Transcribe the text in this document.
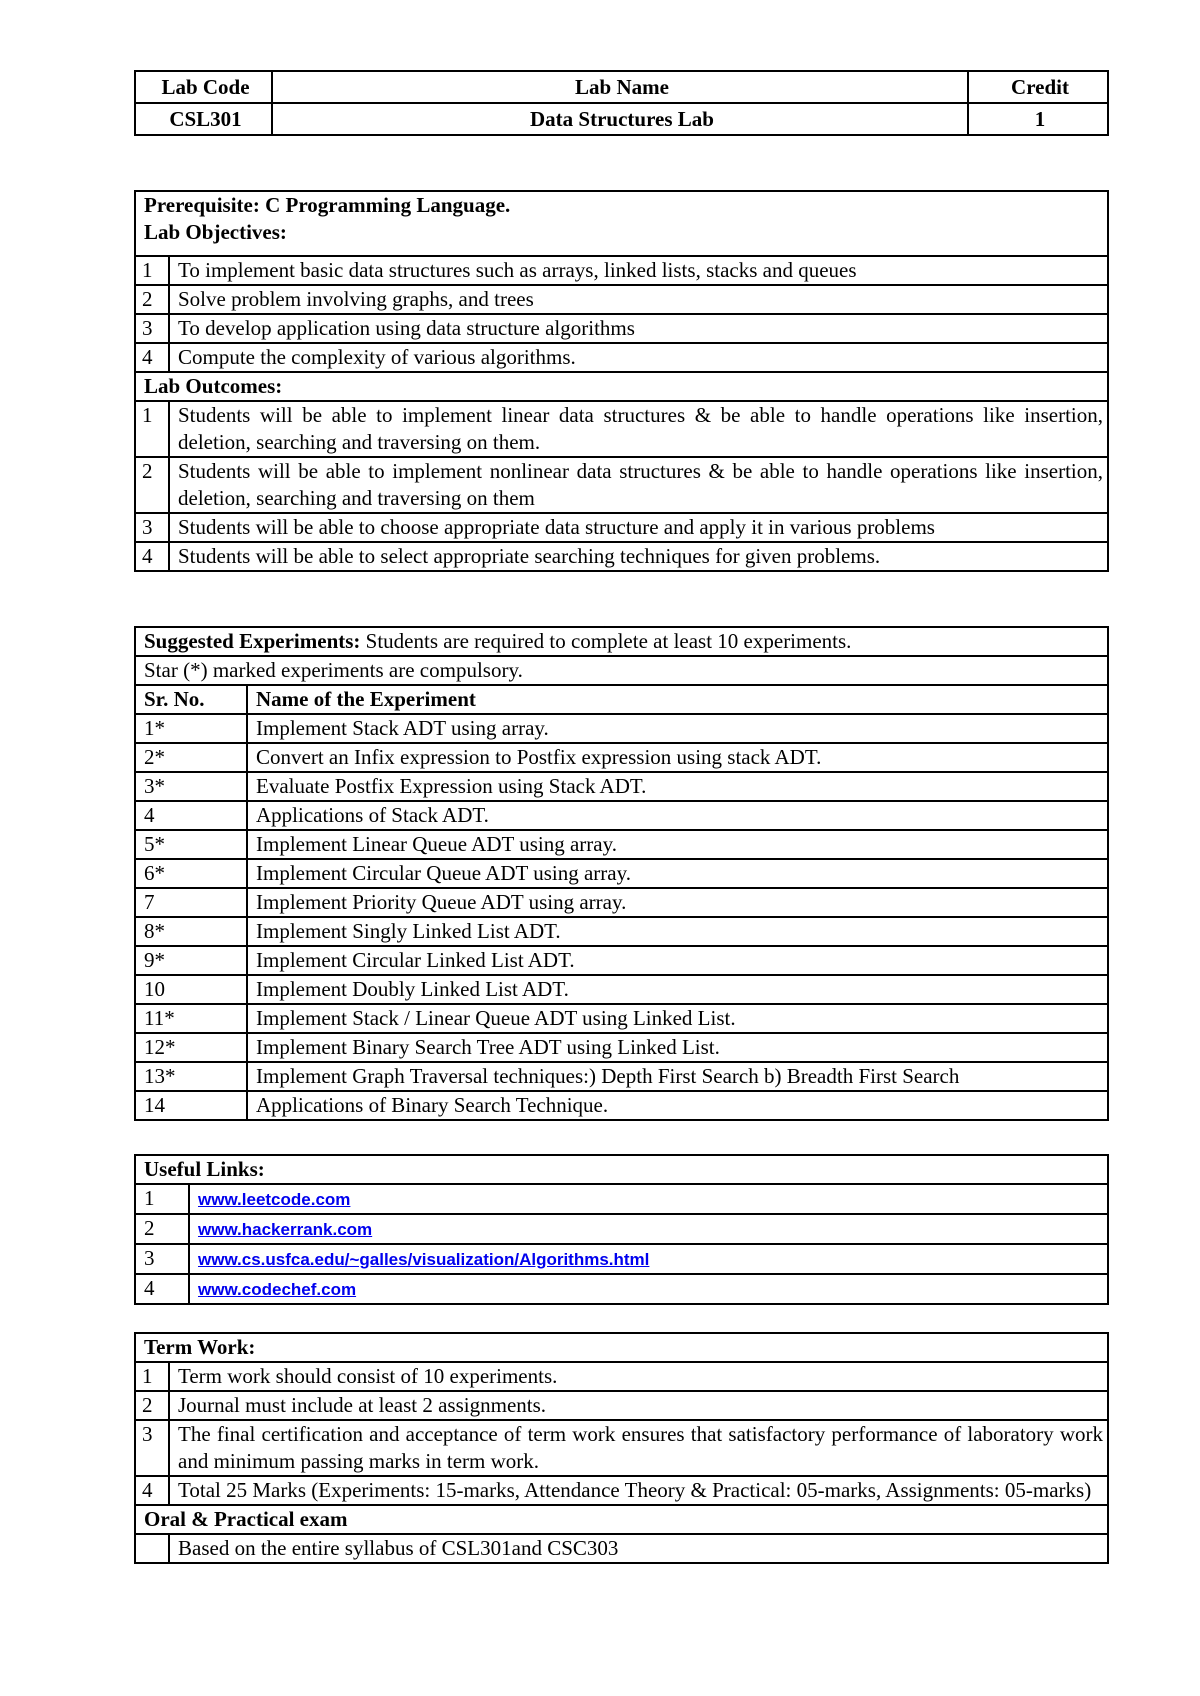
Lab Code	Lab Name	Credit
CSL301	Data Structures Lab	1
Prerequisite: C Programming Language.	
Lab Objectives:	
1	To implement basic data structures such as arrays, linked lists, stacks and queues
2	Solve problem involving graphs, and trees
3	To develop application using data structure algorithms
4	Compute the complexity of various algorithms.
Lab Outcomes:	
1	Students will be able to implement linear data structures & be able to handle operations like insertion, deletion, searching and traversing on them.
2	Students will be able to implement nonlinear data structures & be able to handle operations like insertion, deletion, searching and traversing on them
3	Students will be able to choose appropriate data structure and apply it in various problems
4	Students will be able to select appropriate searching techniques for given problems.
Suggested Experiments: Students are required to complete at least 10 experiments.	
Star (*) marked experiments are compulsory.	
Sr. No.	Name of the Experiment
1*	Implement Stack ADT using array.
2*	Convert an Infix expression to Postfix expression using stack ADT.
3*	Evaluate Postfix Expression using Stack ADT.
4	Applications of Stack ADT.
5*	Implement Linear Queue ADT using array.
6*	Implement Circular Queue ADT using array.
7	Implement Priority Queue ADT using array.
8*	Implement Singly Linked List ADT.
9*	Implement Circular Linked List ADT.
10	Implement Doubly Linked List ADT.
11*	Implement Stack / Linear Queue ADT using Linked List.
12*	Implement Binary Search Tree ADT using Linked List.
13*	Implement Graph Traversal techniques:) Depth First Search b) Breadth First Search
14	Applications of Binary Search Technique.
Useful Links:	
1	www.leetcode.com
2	www.hackerrank.com
3	www.cs.usfca.edu/~galles/visualization/Algorithms.html
4	www.codechef.com
Term Work:	
1	Term work should consist of 10 experiments.
2	Journal must include at least 2 assignments.
3	The final certification and acceptance of term work ensures that satisfactory performance of laboratory work and minimum passing marks in term work.
4	Total 25 Marks (Experiments: 15-marks, Attendance Theory & Practical: 05-marks, Assignments: 05-marks)
Oral & Practical exam	
	Based on the entire syllabus of CSL301and CSC303
